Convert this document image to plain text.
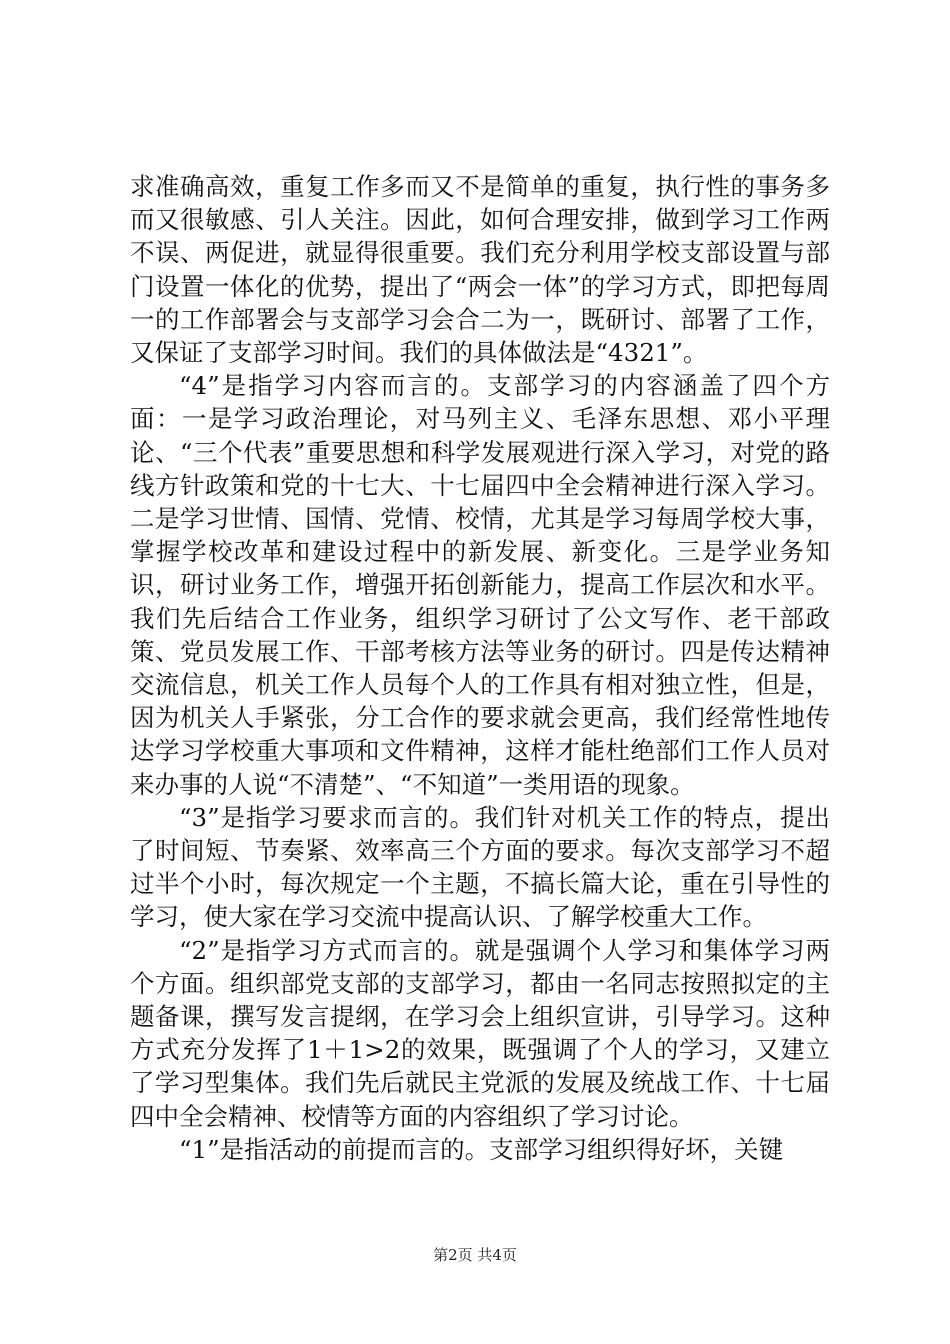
求准确高效，重复工作多而又不是简单的重复，执行性的事务多而又很敏感、引人关注。因此，如何合理安排，做到学习工作两不误、两促进，就显得很重要。我们充分利用学校支部设置与部门设置一体化的优势，提出了“两会一体”的学习方式，即把每周一的工作部署会与支部学习会合二为一，既研讨、部署了工作，又保证了支部学习时间。我们的具体做法是“4321”。

“4”是指学习内容而言的。支部学习的内容涵盖了四个方面：一是学习政治理论，对马列主义、毛泽东思想、邓小平理论、“三个代表”重要思想和科学发展观进行深入学习，对党的路线方针政策和党的十七大、十七届四中全会精神进行深入学习。二是学习世情、国情、党情、校情，尤其是学习每周学校大事，掌握学校改革和建设过程中的新发展、新变化。三是学业务知识，研讨业务工作，增强开拓创新能力，提高工作层次和水平。我们先后结合工作业务，组织学习研讨了公文写作、老干部政策、党员发展工作、干部考核方法等业务的研讨。四是传达精神交流信息，机关工作人员每个人的工作具有相对独立性，但是，因为机关人手紧张，分工合作的要求就会更高，我们经常性地传达学习学校重大事项和文件精神，这样才能杜绝部们工作人员对来办事的人说“不清楚”、“不知道”一类用语的现象。

“3”是指学习要求而言的。我们针对机关工作的特点，提出了时间短、节奏紧、效率高三个方面的要求。每次支部学习不超过半个小时，每次规定一个主题，不搞长篇大论，重在引导性的学习，使大家在学习交流中提高认识、了解学校重大工作。

“2”是指学习方式而言的。就是强调个人学习和集体学习两个方面。组织部党支部的支部学习，都由一名同志按照拟定的主题备课，撰写发言提纲，在学习会上组织宣讲，引导学习。这种方式充分发挥了1＋1>2的效果，既强调了个人的学习，又建立了学习型集体。我们先后就民主党派的发展及统战工作、十七届四中全会精神、校情等方面的内容组织了学习讨论。

“1”是指活动的前提而言的。支部学习组织得好坏，关键

第2页 共4页
